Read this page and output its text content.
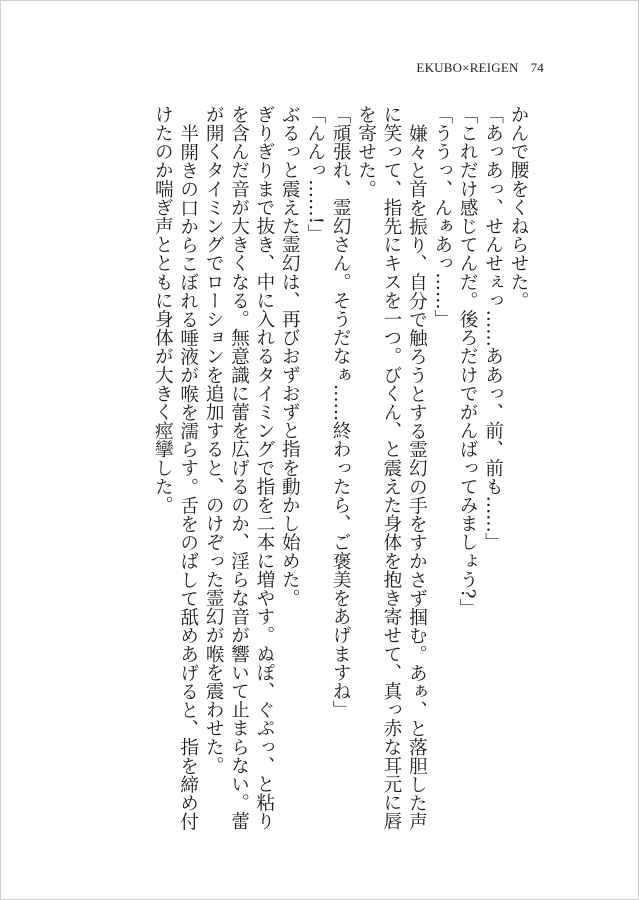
EKUBO×REIGEN 74

かんで腰をくねらせた。

「あっあっ、せんせぇっ……ああっ、前、前も……」

「これだけ感じてんだ。後ろだけでがんばってみましょう?」

「ううっ、んぁあっ……」

嫌々と首を振り、自分で触ろうとする霊幻の手をすかさず掴む。あぁ、と落胆した声に笑って、指先にキスを一つ。びくん、と震えた身体を抱き寄せて、真っ赤な耳元に唇を寄せた。

「頑張れ、霊幻さん。そうだなぁ……終わったら、ご褒美をあげますね」

「んんっ……!」

ぶるっと震えた霊幻は、再びおずおずと指を動かし始めた。

ぎりぎりまで抜き、中に入れるタイミングで指を二本に増やす。ぬぽ、ぐぷっ、と粘りを含んだ音が大きくなる。無意識に蕾を広げるのか、淫らな音が響いて止まらない。蕾が開くタイミングでローションを追加すると、のけぞった霊幻が喉を震わせた。

半開きの口からこぼれる唾液が喉を濡らす。舌をのばして舐めあげると、指を締め付けたのか喘ぎ声とともに身体が大きく痙攣した。
